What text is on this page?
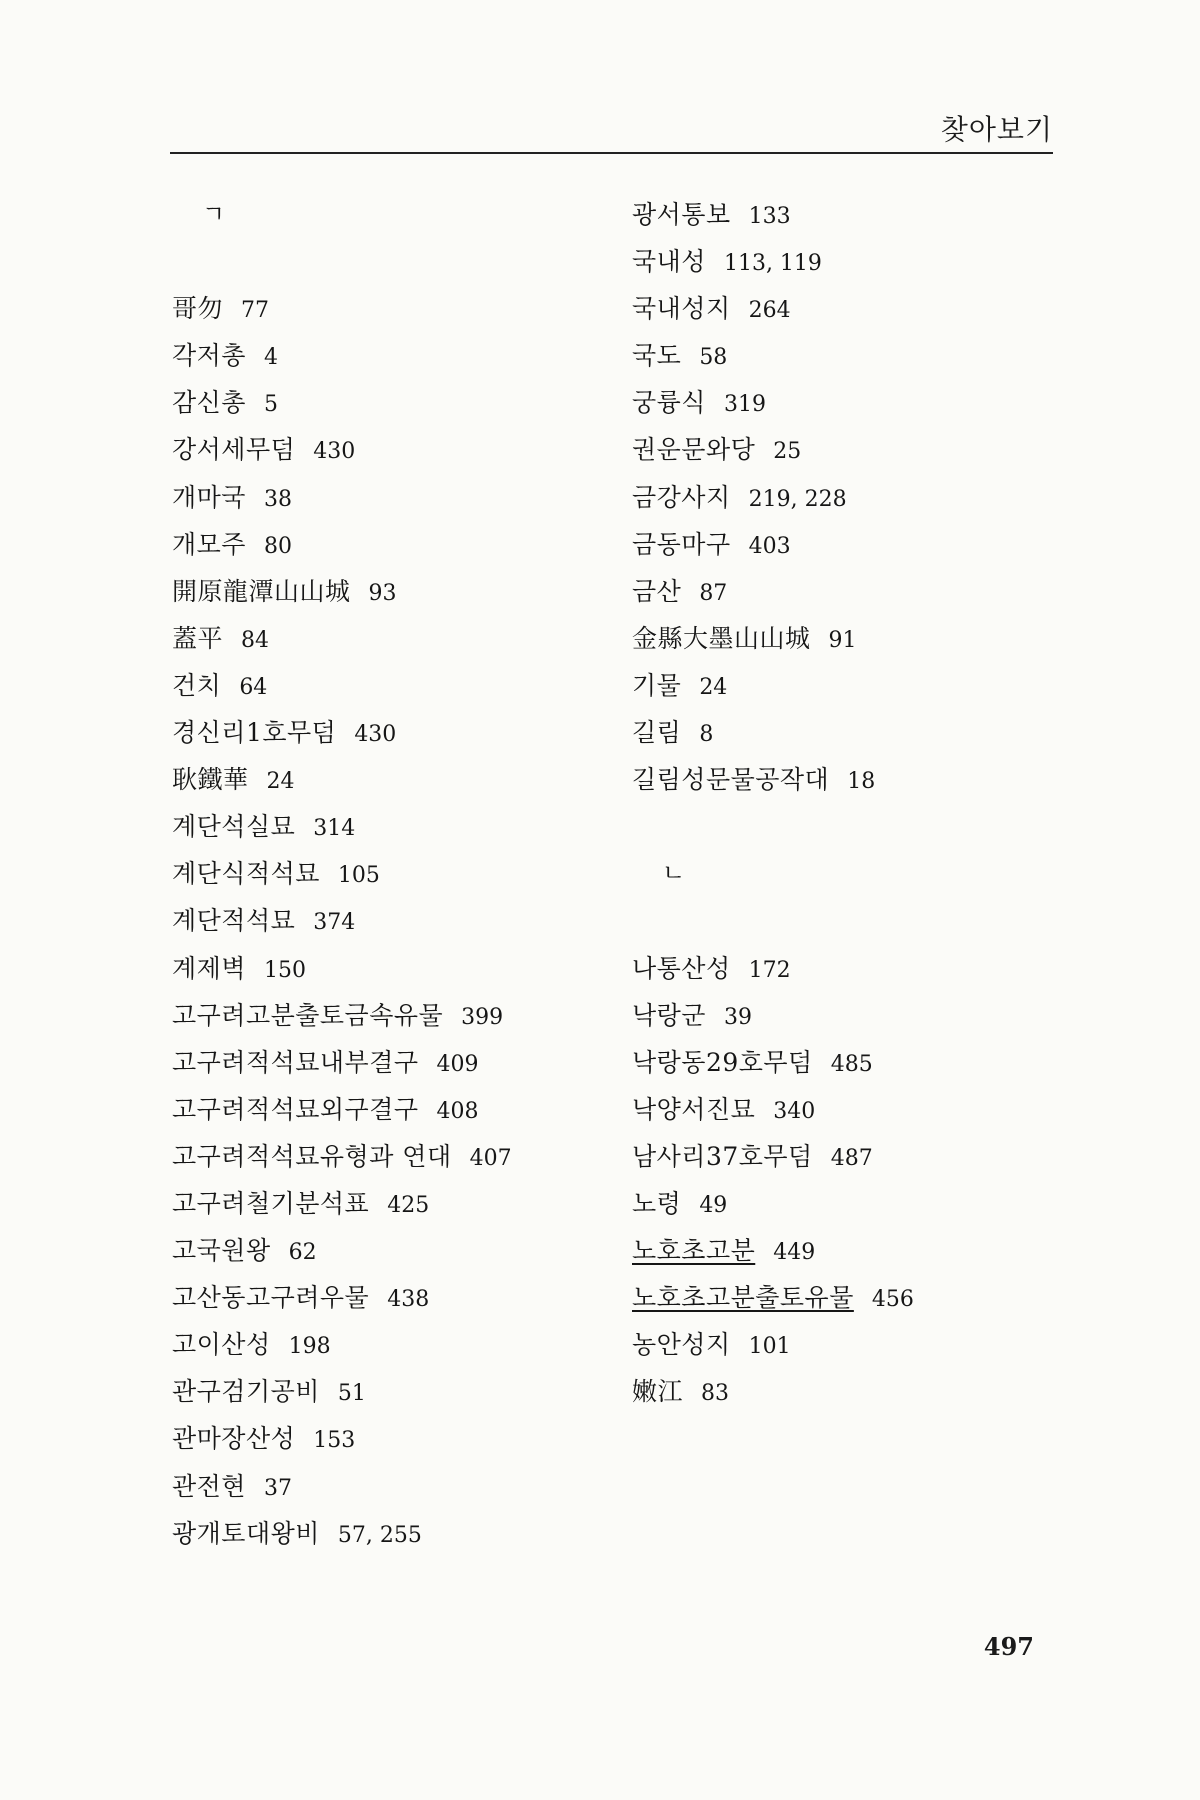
찾아보기
ㄱ
哥勿 77
각저총 4
감신총 5
강서세무덤 430
개마국 38
개모주 80
開原龍潭山山城 93
蓋平 84
건치 64
경신리1호무덤 430
耿鐵華 24
계단석실묘 314
계단식적석묘 105
계단적석묘 374
계제벽 150
고구려고분출토금속유물 399
고구려적석묘내부결구 409
고구려적석묘외구결구 408
고구려적석묘유형과 연대 407
고구려철기분석표 425
고국원왕 62
고산동고구려우물 438
고이산성 198
관구검기공비 51
관마장산성 153
관전현 37
광개토대왕비 57, 255
광서통보 133
국내성 113, 119
국내성지 264
국도 58
궁륭식 319
권운문와당 25
금강사지 219, 228
금동마구 403
금산 87
金縣大墨山山城 91
기물 24
길림 8
길림성문물공작대 18
ㄴ
나통산성 172
낙랑군 39
낙랑동29호무덤 485
낙양서진묘 340
남사리37호무덤 487
노령 49
노호초고분 449
노호초고분출토유물 456
농안성지 101
嫩江 83
497
